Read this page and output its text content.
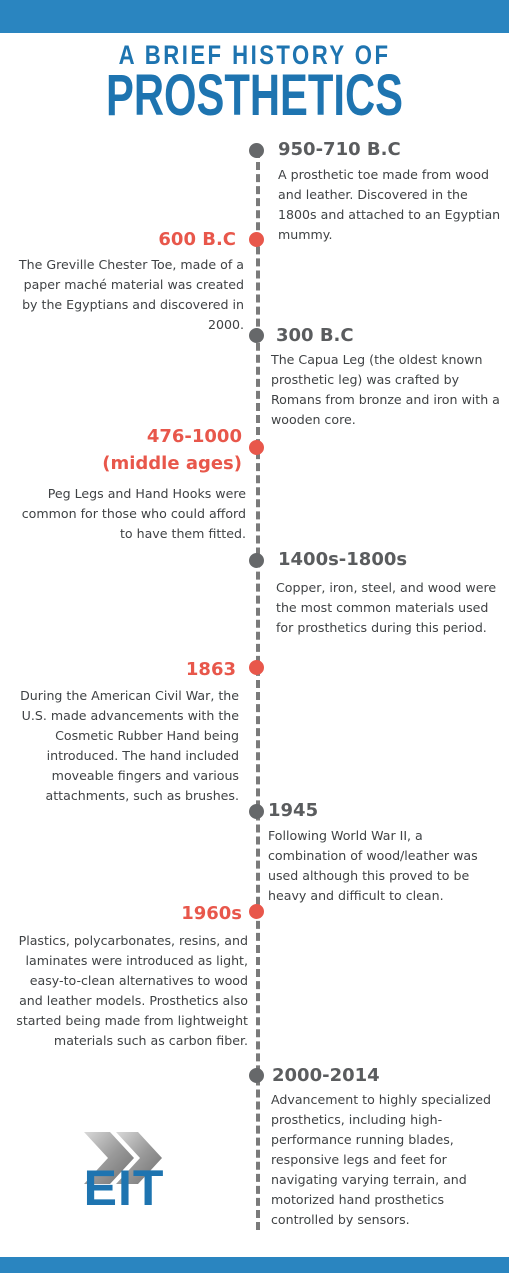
A BRIEF HISTORY OF
PROSTHETICS
950-710 B.C
A prosthetic toe made from wood and leather. Discovered in the 1800s and attached to an Egyptian mummy.
600 B.C
The Greville Chester Toe, made of a paper maché material was created by the Egyptians and discovered in 2000.
300 B.C
The Capua Leg (the oldest known prosthetic leg) was crafted by Romans from bronze and iron with a wooden core.
476-1000
(middle ages)
Peg Legs and Hand Hooks were common for those who could afford to have them fitted.
1400s-1800s
Copper, iron, steel, and wood were the most common materials used for prosthetics during this period.
1863
During the American Civil War, the U.S. made advancements with the Cosmetic Rubber Hand being introduced. The hand included moveable fingers and various attachments, such as brushes.
1945
Following World War II, a combination of wood/leather was used although this proved to be heavy and difficult to clean.
1960s
Plastics, polycarbonates, resins, and laminates were introduced as light, easy-to-clean alternatives to wood and leather models. Prosthetics also started being made from lightweight materials such as carbon fiber.
2000-2014
Advancement to highly specialized prosthetics, including high-performance running blades, responsive legs and feet for navigating varying terrain, and motorized hand prosthetics controlled by sensors.
EIT
